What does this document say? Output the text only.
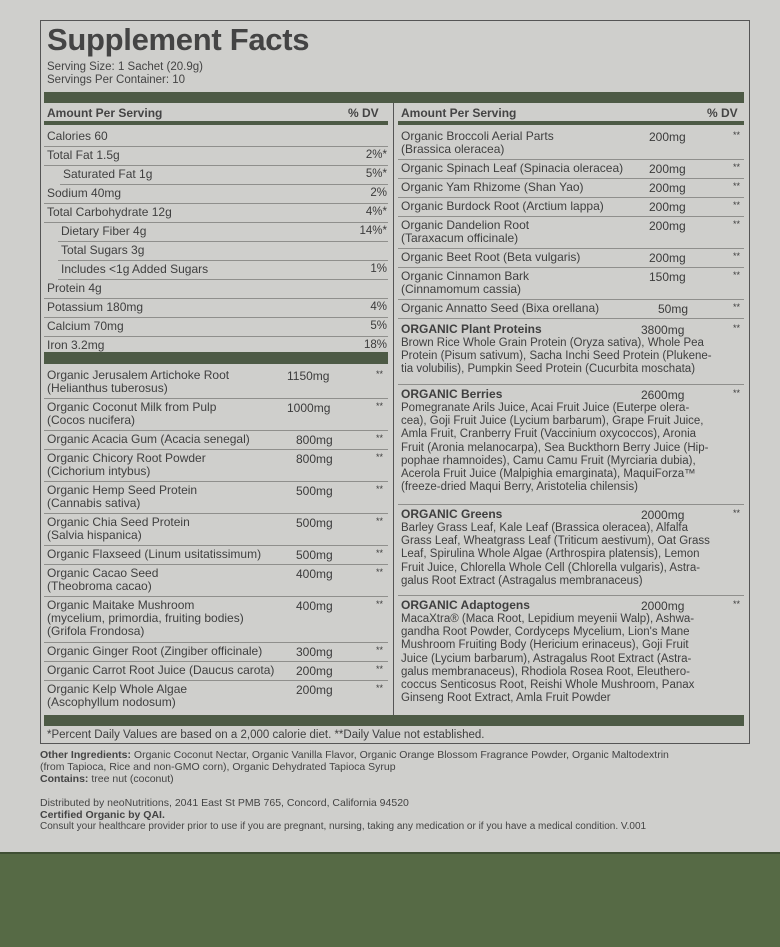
Supplement Facts
Serving Size: 1 Sachet (20.9g)
Servings Per Container: 10
Amount Per Serving	% DV Amount Per Serving	% DV
Calories 60
Total Fat 1.5g	2%*
Saturated Fat 1g	5%*
Sodium 40mg	2%
Total Carbohydrate 12g	4%*
Dietary Fiber 4g	14%*
Total Sugars 3g
Includes <1g Added Sugars	1%
Protein 4g
Potassium 180mg	4%
Calcium 70mg	5%
Iron 3.2mg	18%
Organic Jerusalem Artichoke Root
(Helianthus tuberosus)
1150mg	**
Organic Coconut Milk from Pulp
(Cocos nucifera)
1000mg	**
Organic Acacia Gum (Acacia senegal)	800mg	**
Organic Chicory Root Powder
(Cichorium intybus)
800mg	**
Organic Hemp Seed Protein
(Cannabis sativa)
500mg	**
Organic Chia Seed Protein
(Salvia hispanica)
500mg	**
Organic Flaxseed (Linum usitatissimum)	500mg	**
Organic Cacao Seed
(Theobroma cacao)
400mg	**
Organic Maitake Mushroom
(mycelium, primordia, fruiting bodies)
(Grifola Frondosa)
400mg	**
Organic Ginger Root (Zingiber officinale)	300mg	**
Organic Carrot Root Juice (Daucus carota) 200mg	**
Organic Kelp Whole Algae
(Ascophyllum nodosum)
200mg	**
Organic Broccoli Aerial Parts
(Brassica oleracea)
200mg	**
Organic Spinach Leaf (Spinacia oleracea) 200mg	**
Organic Yam Rhizome (Shan Yao)	200mg	**
Organic Burdock Root (Arctium lappa)	200mg	**
Organic Dandelion Root
(Taraxacum officinale)
200mg	**
Organic Beet Root (Beta vulgaris)	200mg	**
Organic Cinnamon Bark
(Cinnamomum cassia)
150mg	**
Organic Annatto Seed (Bixa orellana)	50mg	**
ORGANIC Plant Proteins	3800mg	**
Brown Rice Whole Grain Protein (Oryza sativa), Whole Pea
Protein (Pisum sativum), Sacha Inchi Seed Protein (Plukene-
tia volubilis), Pumpkin Seed Protein (Cucurbita moschata)
ORGANIC Berries	2600mg	**
Pomegranate Arils Juice, Acai Fruit Juice (Euterpe olera-
cea), Goji Fruit Juice (Lycium barbarum), Grape Fruit Juice,
Amla Fruit, Cranberry Fruit (Vaccinium oxycoccos), Aronia
Fruit (Aronia melanocarpa), Sea Buckthorn Berry Juice (Hip-
pophae rhamnoides), Camu Camu Fruit (Myrciaria dubia),
Acerola Fruit Juice (Malpighia emarginata), MaquiForza™
(freeze-dried Maqui Berry, Aristotelia chilensis)
ORGANIC Greens	2000mg	**
Barley Grass Leaf, Kale Leaf (Brassica oleracea), Alfalfa
Grass Leaf, Wheatgrass Leaf (Triticum aestivum), Oat Grass
Leaf, Spirulina Whole Algae (Arthrospira platensis), Lemon
Fruit Juice, Chlorella Whole Cell (Chlorella vulgaris), Astra-
galus Root Extract (Astragalus membranaceus)
ORGANIC Adaptogens	2000mg	**
MacaXtra® (Maca Root, Lepidium meyenii Walp), Ashwa-
gandha Root Powder, Cordyceps Mycelium, Lion's Mane
Mushroom Fruiting Body (Hericium erinaceus), Goji Fruit
Juice (Lycium barbarum), Astragalus Root Extract (Astra-
galus membranaceus), Rhodiola Rosea Root, Eleuthero-
coccus Senticosus Root, Reishi Whole Mushroom, Panax
Ginseng Root Extract, Amla Fruit Powder
*Percent Daily Values are based on a 2,000 calorie diet. **Daily Value not established.
Other Ingredients: Organic Coconut Nectar, Organic Vanilla Flavor, Organic Orange Blossom Fragrance Powder, Organic Maltodextrin
(from Tapioca, Rice and non-GMO corn), Organic Dehydrated Tapioca Syrup
Contains: tree nut (coconut)
Distributed by neoNutritions, 2041 East St PMB 765, Concord, California 94520
Certified Organic by QAI.
Consult your healthcare provider prior to use if you are pregnant, nursing, taking any medication or if you have a medical condition. V.001
